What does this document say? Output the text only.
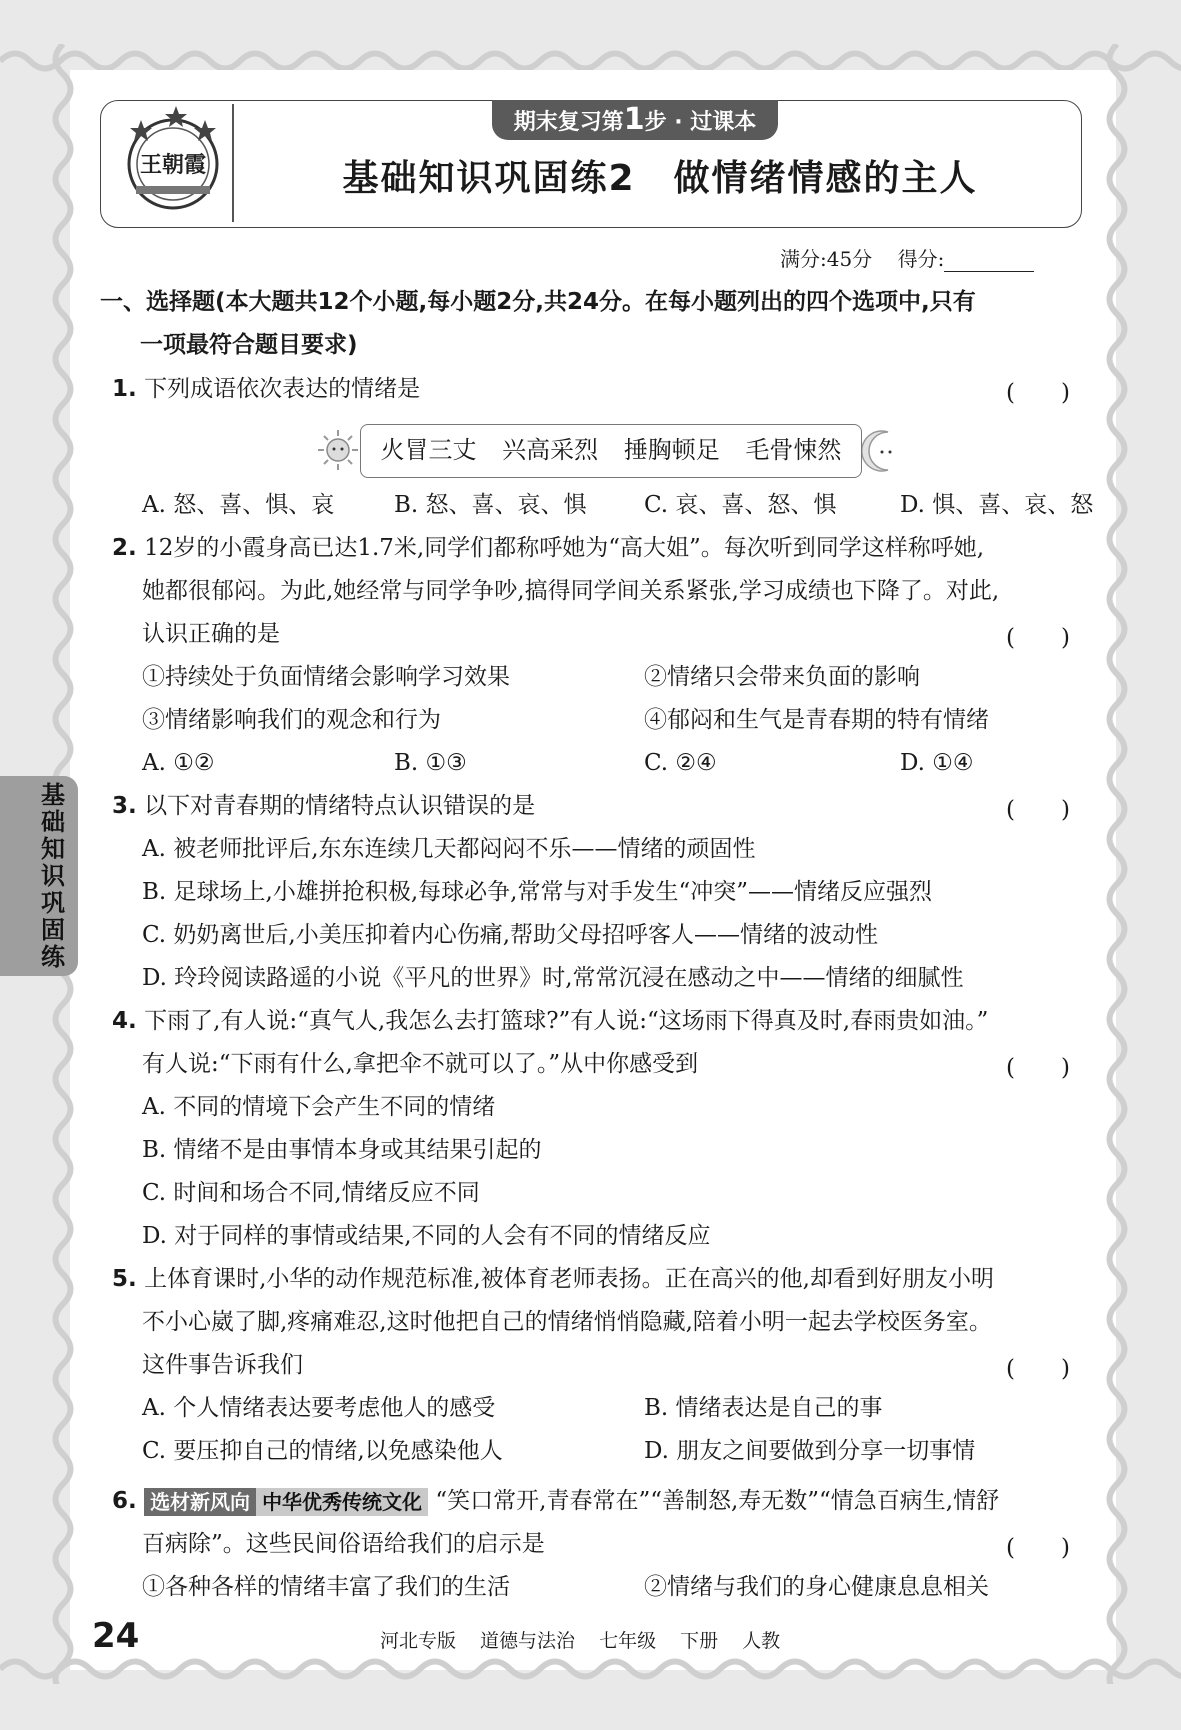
王朝霞
期末复习第1步 · 过课本
基础知识巩固练2　做情绪情感的主人
满分:45分 得分:
一、选择题(本大题共12个小题,每小题2分,共24分。在每小题列出的四个选项中,只有
一项最符合题目要求)
1. 下列成语依次表达的情绪是	(　　)
火冒三丈 兴高采烈 捶胸顿足 毛骨悚然
A. 怒、喜、惧、哀	B. 怒、喜、哀、惧 C. 哀、喜、怒、惧	D. 惧、喜、哀、怒
2. 12岁的小霞身高已达1.7米,同学们都称呼她为“高大姐”。每次听到同学这样称呼她,
她都很郁闷。为此,她经常与同学争吵,搞得同学间关系紧张,学习成绩也下降了。对此,
认识正确的是	(　　)
①持续处于负面情绪会影响学习效果	②情绪只会带来负面的影响
③情绪影响我们的观念和行为	④郁闷和生气是青春期的特有情绪
A. ①②	B. ①③	C. ②④	D. ①④
基
础
知
识
巩
固
练
3. 以下对青春期的情绪特点认识错误的是	(　　)
A. 被老师批评后,东东连续几天都闷闷不乐——情绪的顽固性
B. 足球场上,小雄拼抢积极,每球必争,常常与对手发生“冲突”——情绪反应强烈
C. 奶奶离世后,小美压抑着内心伤痛,帮助父母招呼客人——情绪的波动性
D. 玲玲阅读路遥的小说《平凡的世界》时,常常沉浸在感动之中——情绪的细腻性
4. 下雨了,有人说:“真气人,我怎么去打篮球?”有人说:“这场雨下得真及时,春雨贵如油。”
有人说:“下雨有什么,拿把伞不就可以了。”从中你感受到	(　　)
A. 不同的情境下会产生不同的情绪
B. 情绪不是由事情本身或其结果引起的
C. 时间和场合不同,情绪反应不同
D. 对于同样的事情或结果,不同的人会有不同的情绪反应
5. 上体育课时,小华的动作规范标准,被体育老师表扬。正在高兴的他,却看到好朋友小明
不小心崴了脚,疼痛难忍,这时他把自己的情绪悄悄隐藏,陪着小明一起去学校医务室。
这件事告诉我们	(　　)
A. 个人情绪表达要考虑他人的感受	B. 情绪表达是自己的事
C. 要压抑自己的情绪,以免感染他人	D. 朋友之间要做到分享一切事情
6. 选材新风向 中华优秀传统文化 “笑口常开,青春常在”“善制怒,寿无数”“情急百病生,情舒
百病除”。这些民间俗语给我们的启示是	(　　)
①各种各样的情绪丰富了我们的生活	②情绪与我们的身心健康息息相关
24	河北专版 道德与法治 七年级 下册 人教
